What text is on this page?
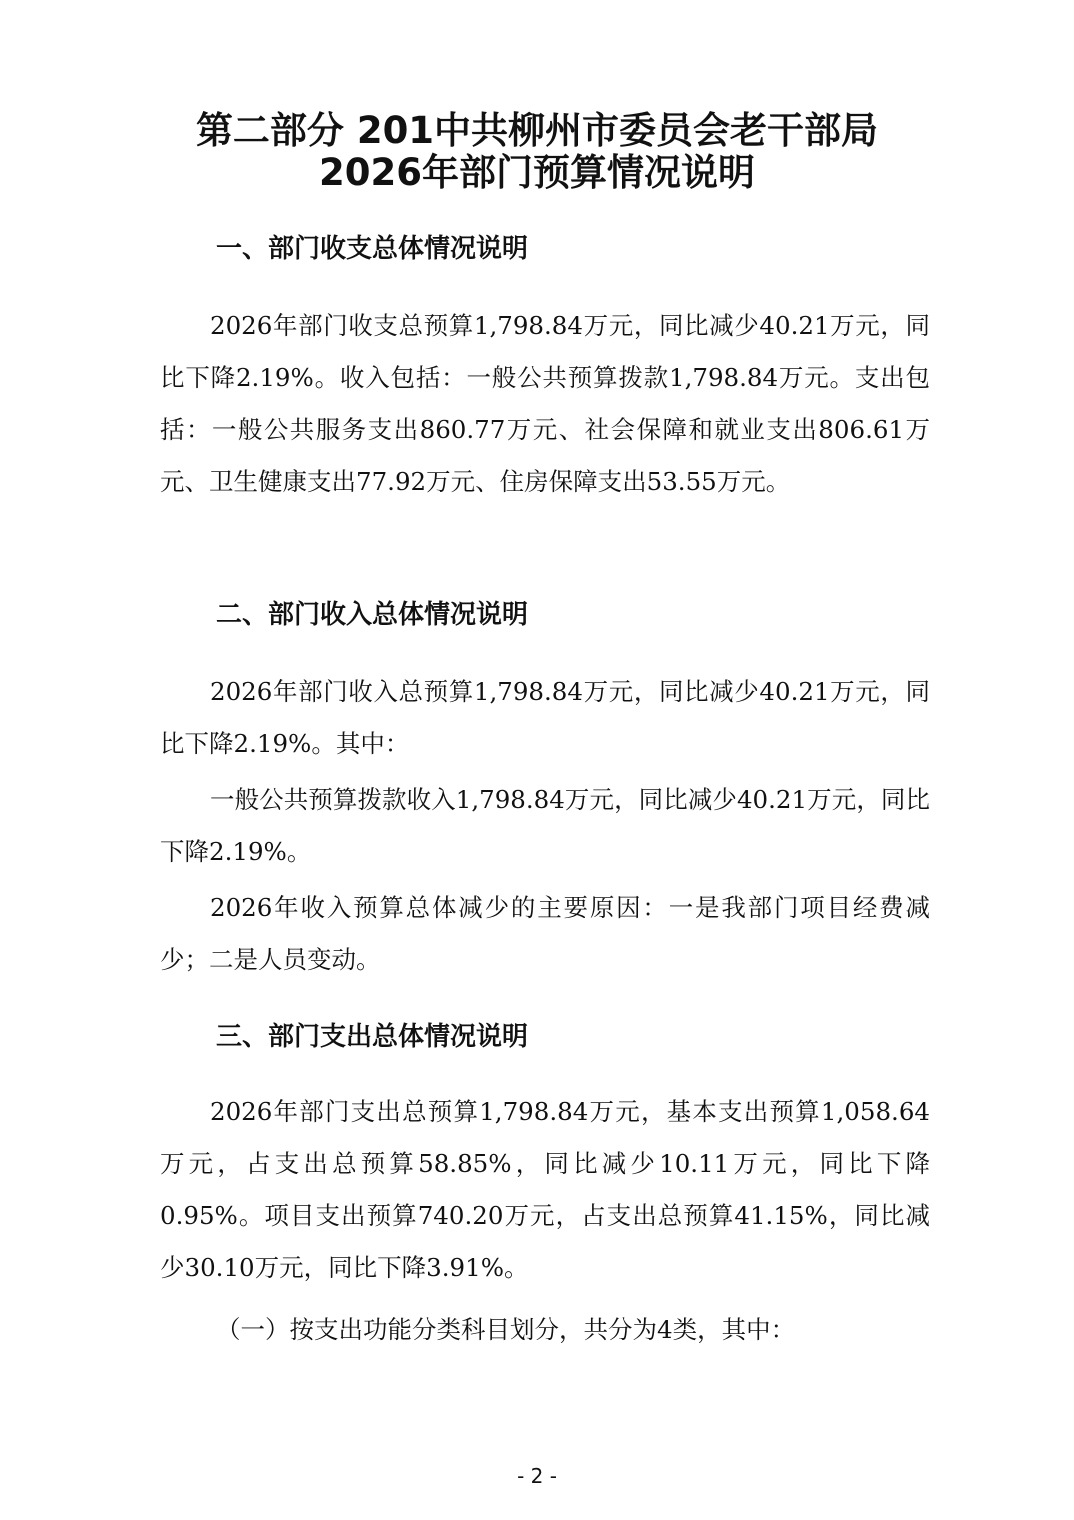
第二部分 201中共柳州市委员会老干部局
2026年部门预算情况说明
一、部门收支总体情况说明

2026年部门收支总预算1,798.84万元，同比减少40.21万元，同比下降2.19%。收入包括：一般公共预算拨款1,798.84万元。支出包括：一般公共服务支出860.77万元、社会保障和就业支出806.61万元、卫生健康支出77.92万元、住房保障支出53.55万元。

二、部门收入总体情况说明

2026年部门收入总预算1,798.84万元，同比减少40.21万元，同比下降2.19%。其中：

一般公共预算拨款收入1,798.84万元，同比减少40.21万元，同比下降2.19%。

2026年收入预算总体减少的主要原因：一是我部门项目经费减少；二是人员变动。

三、部门支出总体情况说明

2026年部门支出总预算1,798.84万元，基本支出预算1,058.64万元，占支出总预算58.85%，同比减少10.11万元，同比下降0.95%。项目支出预算740.20万元，占支出总预算41.15%，同比减少30.10万元，同比下降3.91%。

（一）按支出功能分类科目划分，共分为4类，其中：

- 2 -
